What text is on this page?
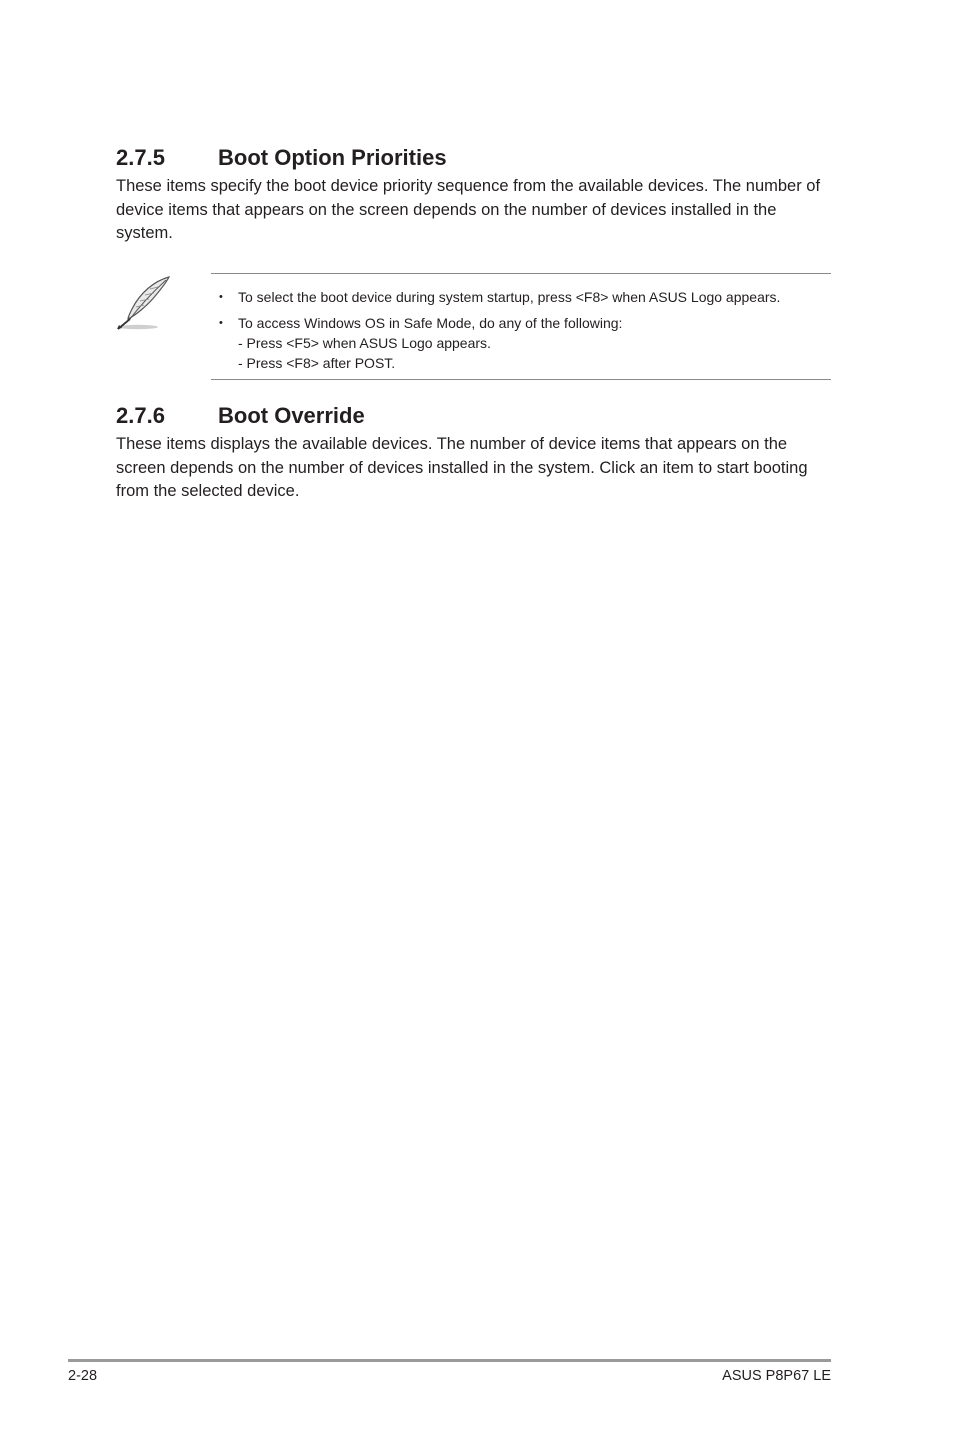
2.7.5	Boot Option Priorities

These items specify the boot device priority sequence from the available devices. The number of device items that appears on the screen depends on the number of devices installed in the system.

• To select the boot device during system startup, press <F8> when ASUS Logo appears.
• To access Windows OS in Safe Mode, do any of the following:
- Press <F5> when ASUS Logo appears.
- Press <F8> after POST.
2.7.6	Boot Override

These items displays the available devices. The number of device items that appears on the screen depends on the number of devices installed in the system. Click an item to start booting from the selected device.

2-28	ASUS P8P67 LE
